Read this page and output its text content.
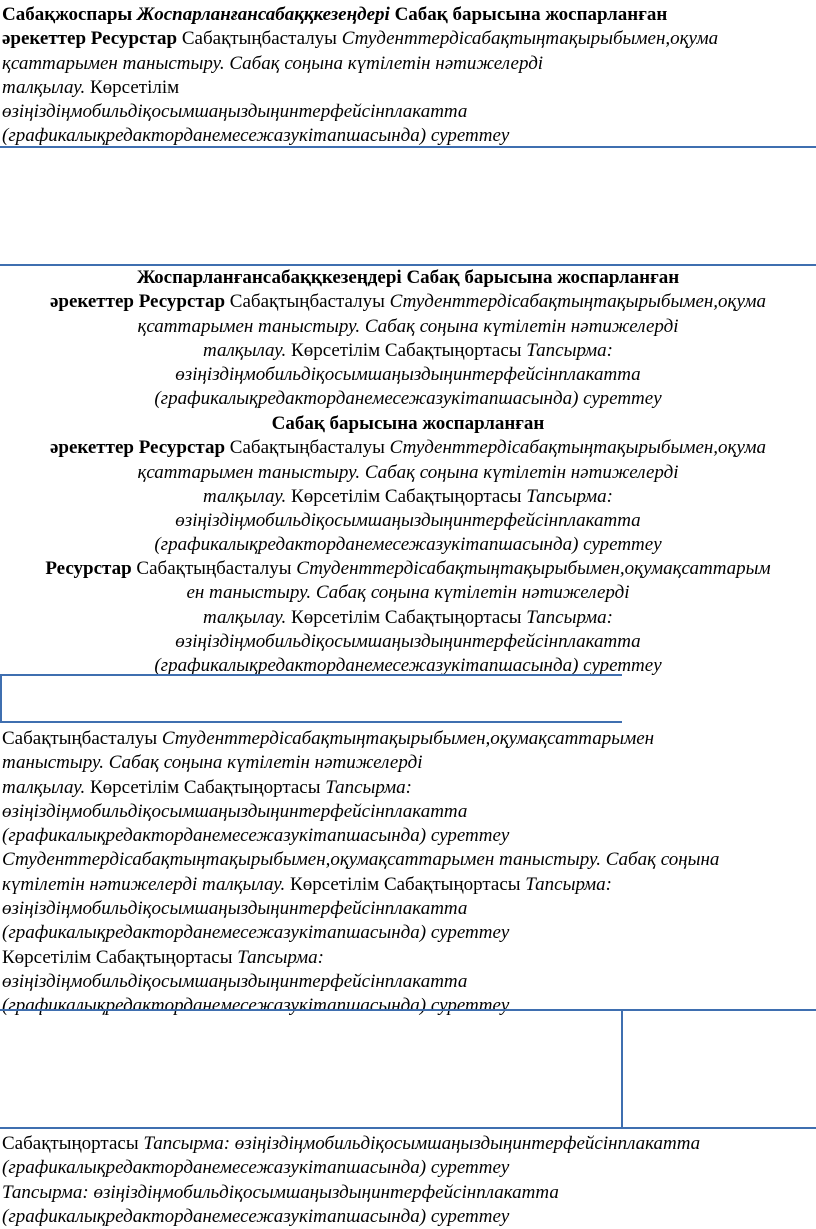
Сабақжоспары Жоспарланғансабаққкезеңдері Сабақ барысына жоспарланған
әрекеттер Ресурстар Сабақтыңбасталуы Студенттердісабақтыңтақырыбымен,оқума
қсаттарымен таныстыру. Сабақ соңына күтілетін нәтижелерді
талқылау. Көрсетілім
өзіңіздіңмобильдіқосымшаңыздыңинтерфейсінплакатта
(графикалықредакторданемесежазукітапшасында) суреттеу
Жоспарланғансабаққкезеңдері Сабақ барысына жоспарланған
әрекеттер Ресурстар Сабақтыңбасталуы Студенттердісабақтыңтақырыбымен,оқума
қсаттарымен таныстыру. Сабақ соңына күтілетін нәтижелерді
талқылау. Көрсетілім Сабақтыңортасы Тапсырма:
өзіңіздіңмобильдіқосымшаңыздыңинтерфейсінплакатта
(графикалықредакторданемесежазукітапшасында) суреттеу
Сабақ барысына жоспарланған
әрекеттер Ресурстар Сабақтыңбасталуы Студенттердісабақтыңтақырыбымен,оқума
қсаттарымен таныстыру. Сабақ соңына күтілетін нәтижелерді
талқылау. Көрсетілім Сабақтыңортасы Тапсырма:
өзіңіздіңмобильдіқосымшаңыздыңинтерфейсінплакатта
(графикалықредакторданемесежазукітапшасында) суреттеу
Ресурстар Сабақтыңбасталуы Студенттердісабақтыңтақырыбымен,оқумақсаттарым
ен таныстыру. Сабақ соңына күтілетін нәтижелерді
талқылау. Көрсетілім Сабақтыңортасы Тапсырма:
өзіңіздіңмобильдіқосымшаңыздыңинтерфейсінплакатта
(графикалықредакторданемесежазукітапшасында) суреттеу
Сабақтыңбасталуы Студенттердісабақтыңтақырыбымен,оқумақсаттарымен
таныстыру. Сабақ соңына күтілетін нәтижелерді
талқылау. Көрсетілім Сабақтыңортасы Тапсырма:
өзіңіздіңмобильдіқосымшаңыздыңинтерфейсінплакатта
(графикалықредакторданемесежазукітапшасында) суреттеу
Студенттердісабақтыңтақырыбымен,оқумақсаттарымен таныстыру. Сабақ соңына
күтілетін нәтижелерді талқылау. Көрсетілім Сабақтыңортасы Тапсырма:
өзіңіздіңмобильдіқосымшаңыздыңинтерфейсінплакатта
(графикалықредакторданемесежазукітапшасында) суреттеу
Көрсетілім Сабақтыңортасы Тапсырма:
өзіңіздіңмобильдіқосымшаңыздыңинтерфейсінплакатта
(графикалықредакторданемесежазукітапшасында) суреттеу
Сабақтыңортасы Тапсырма: өзіңіздіңмобильдіқосымшаңыздыңинтерфейсінплакатта
(графикалықредакторданемесежазукітапшасында) суреттеу
Тапсырма: өзіңіздіңмобильдіқосымшаңыздыңинтерфейсінплакатта
(графикалықредакторданемесежазукітапшасында) суреттеу
